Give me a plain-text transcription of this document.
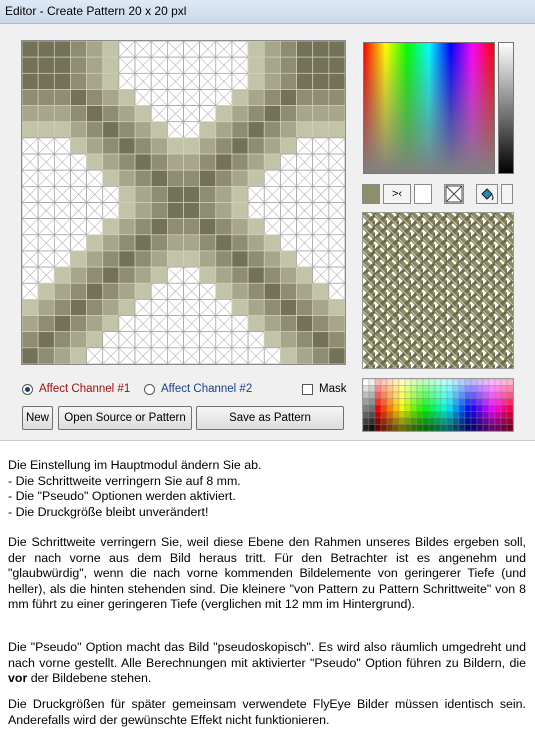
Editor - Create Pattern 20 x 20 pxl
>‹
Affect Channel #1	Affect Channel #2	Mask
New	Open Source or Pattern	Save as Pattern

Die Einstellung im Hauptmodul ändern Sie ab.

- Die Schrittweite verringern Sie auf 8 mm.

- Die "Pseudo" Optionen werden aktiviert.

- Die Druckgröße bleibt unverändert!

Die Schrittweite verringern Sie, weil diese Ebene den Rahmen unseres Bildes ergeben soll, der nach vorne aus dem Bild heraus tritt. Für den Betrachter ist es angenehm und "glaubwürdig", wenn die nach vorne kommenden Bildelemente von geringerer Tiefe (und heller), als die hinten stehenden sind. Die kleinere "von Pattern zu Pattern Schrittweite" von 8 mm führt zu einer geringeren Tiefe (verglichen mit 12 mm im Hintergrund).

Die "Pseudo" Option macht das Bild "pseudoskopisch". Es wird also räumlich umgedreht und nach vorne gestellt. Alle Berechnungen mit aktivierter "Pseudo" Option führen zu Bildern, die vor der Bildebene stehen.

Die Druckgrößen für später gemeinsam verwendete FlyEye Bilder müssen identisch sein. Anderefalls wird der gewünschte Effekt nicht funktionieren.
